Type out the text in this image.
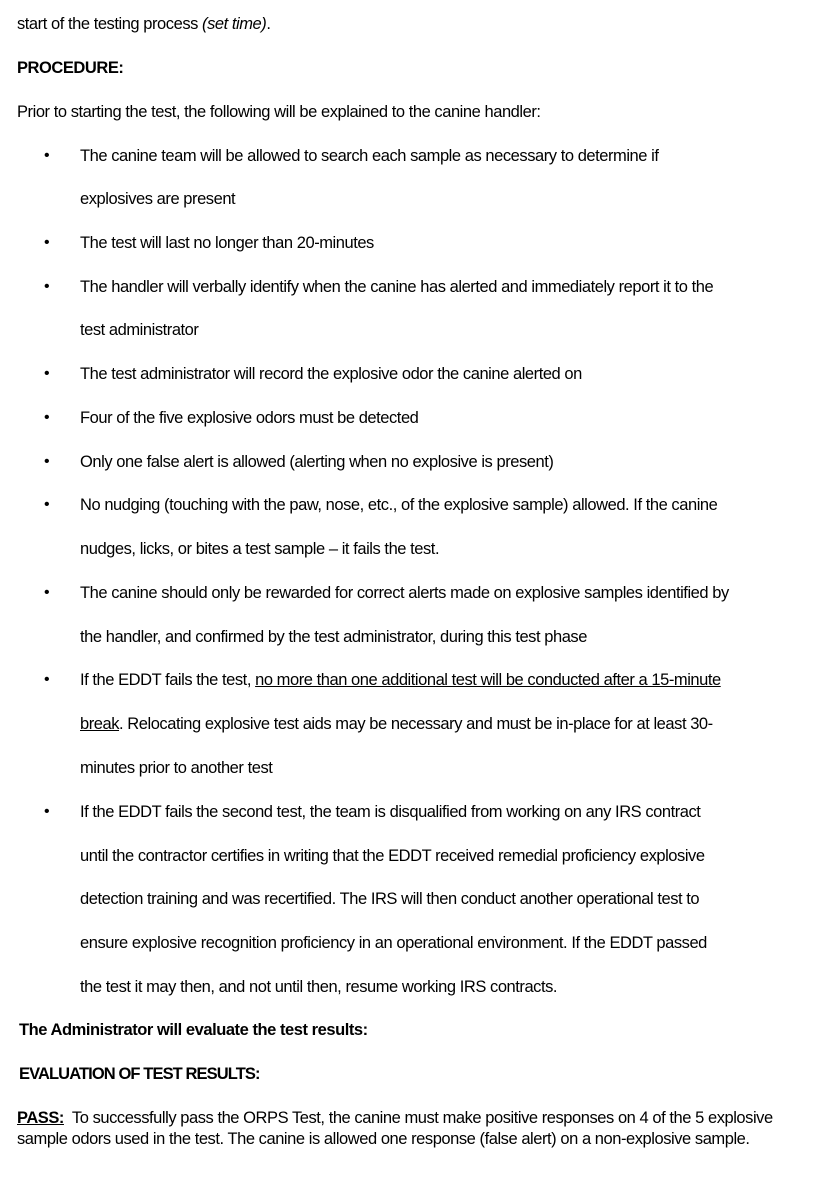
start of the testing process (set time).
PROCEDURE:
Prior to starting the test, the following will be explained to the canine handler:
• The canine team will be allowed to search each sample as necessary to determine if
explosives are present
• The test will last no longer than 20-minutes
• The handler will verbally identify when the canine has alerted and immediately report it to the
test administrator
• The test administrator will record the explosive odor the canine alerted on
• Four of the five explosive odors must be detected
• Only one false alert is allowed (alerting when no explosive is present)
• No nudging (touching with the paw, nose, etc., of the explosive sample) allowed. If the canine
nudges, licks, or bites a test sample – it fails the test.
• The canine should only be rewarded for correct alerts made on explosive samples identified by
the handler, and confirmed by the test administrator, during this test phase
• If the EDDT fails the test, no more than one additional test will be conducted after a 15-minute
break. Relocating explosive test aids may be necessary and must be in-place for at least 30-
minutes prior to another test
• If the EDDT fails the second test, the team is disqualified from working on any IRS contract
until the contractor certifies in writing that the EDDT received remedial proficiency explosive
detection training and was recertified. The IRS will then conduct another operational test to
ensure explosive recognition proficiency in an operational environment. If the EDDT passed
the test it may then, and not until then, resume working IRS contracts.
The Administrator will evaluate the test results:
EVALUATION OF TEST RESULTS:
PASS:  To successfully pass the ORPS Test, the canine must make positive responses on 4 of the 5 explosive sample odors used in the test. The canine is allowed one response (false alert) on a non-explosive sample.
